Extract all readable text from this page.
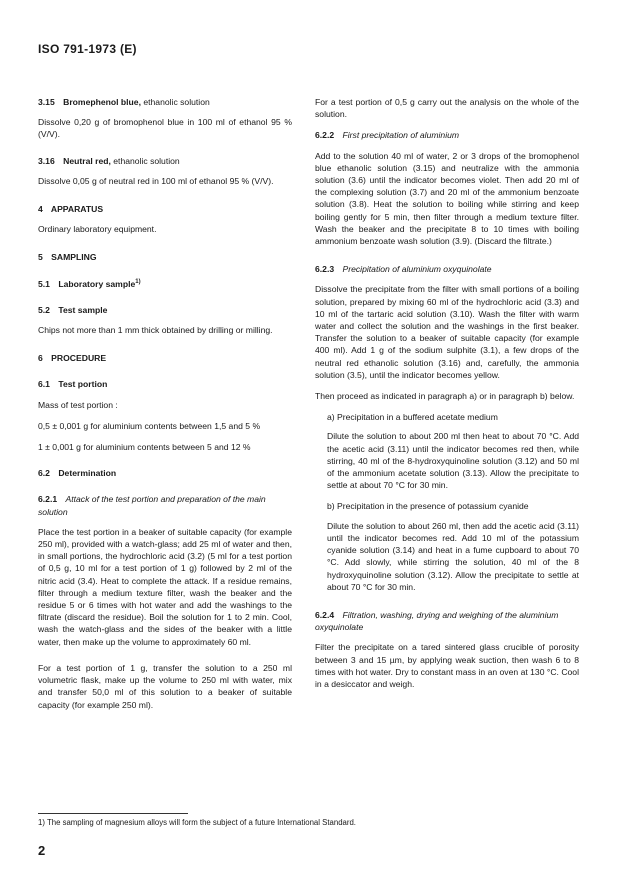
ISO 791-1973 (E)
3.15 Bromephenol blue, ethanolic solution

Dissolve 0,20 g of bromophenol blue in 100 ml of ethanol 95 % (V/V).

3.16 Neutral red, ethanolic solution

Dissolve 0,05 g of neutral red in 100 ml of ethanol 95 % (V/V).

4 APPARATUS

Ordinary laboratory equipment.

5 SAMPLING
5.1 Laboratory sample$^{1)}$
5.2 Test sample

Chips not more than 1 mm thick obtained by drilling or milling.

6 PROCEDURE
6.1 Test portion

Mass of test portion :

0,5 ± 0,001 g for aluminium contents between 1,5 and 5 %

1 ± 0,001 g for aluminium contents between 5 and 12 %

6.2 Determination
6.2.1 Attack of the test portion and preparation of the main solution

Place the test portion in a beaker of suitable capacity (for example 250 ml), provided with a watch-glass; add 25 ml of water and then, in small portions, the hydrochloric acid (3.2) (5 ml for a test portion of 0,5 g, 10 ml for a test portion of 1 g) followed by 2 ml of the nitric acid (3.4). Heat to complete the attack. If a residue remains, filter through a medium texture filter, wash the beaker and the residue 5 or 6 times with hot water and add the washings to the filtrate (discard the residue). Boil the solution for 1 to 2 min. Cool, wash the watch-glass and the sides of the beaker with a little water, then make up the volume to approximately 60 ml.

For a test portion of 1 g, transfer the solution to a 250 ml volumetric flask, make up the volume to 250 ml with water, mix and transfer 50,0 ml of this solution to a beaker of suitable capacity (for example 250 ml).

For a test portion of 0,5 g carry out the analysis on the whole of the solution.

6.2.2 First precipitation of aluminium

Add to the solution 40 ml of water, 2 or 3 drops of the bromophenol blue ethanolic solution (3.15) and neutralize with the ammonia solution (3.6) until the indicator becomes violet. Then add 20 ml of the complexing solution (3.7) and 20 ml of the ammonium benzoate solution (3.8). Heat the solution to boiling while stirring and keep boiling gently for 5 min, then filter through a medium texture filter. Wash the beaker and the precipitate 8 to 10 times with boiling ammonium benzoate wash solution (3.9). (Discard the filtrate.)

6.2.3 Precipitation of aluminium oxyquinolate

Dissolve the precipitate from the filter with small portions of a boiling solution, prepared by mixing 60 ml of the hydrochloric acid (3.3) and 10 ml of the tartaric acid solution (3.10). Wash the filter with warm water and collect the solution and the washings in the first beaker. Transfer the solution to a beaker of suitable capacity (for example 400 ml). Add 1 g of the sodium sulphite (3.1), a few drops of the neutral red ethanolic solution (3.16) and, carefully, the ammonia solution (3.5), until the indicator becomes yellow.

Then proceed as indicated in paragraph a) or in paragraph b) below.

a) Precipitation in a buffered acetate medium

Dilute the solution to about 200 ml then heat to about 70 °C. Add the acetic acid (3.11) until the indicator becomes red then, while stirring, 40 ml of the 8-hydroxyquinoline solution (3.12) and 50 ml of the ammonium acetate solution (3.13). Allow the precipitate to settle at about 70 °C for 30 min.

b) Precipitation in the presence of potassium cyanide

Dilute the solution to about 260 ml, then add the acetic acid (3.11) until the indicator becomes red. Add 10 ml of the potassium cyanide solution (3.14) and heat in a fume cupboard to about 70 °C. Add slowly, while stirring the solution, 40 ml of the 8 hydroxyquinoline solution (3.12). Allow the precipitate to settle at about 70 °C for 30 min.

6.2.4 Filtration, washing, drying and weighing of the aluminium oxyquinolate

Filter the precipitate on a tared sintered glass crucible of porosity between 3 and 15 µm, by applying weak suction, then wash 6 to 8 times with hot water. Dry to constant mass in an oven at 130 °C. Cool in a desiccator and weigh.

1) The sampling of magnesium alloys will form the subject of a future International Standard.
2
